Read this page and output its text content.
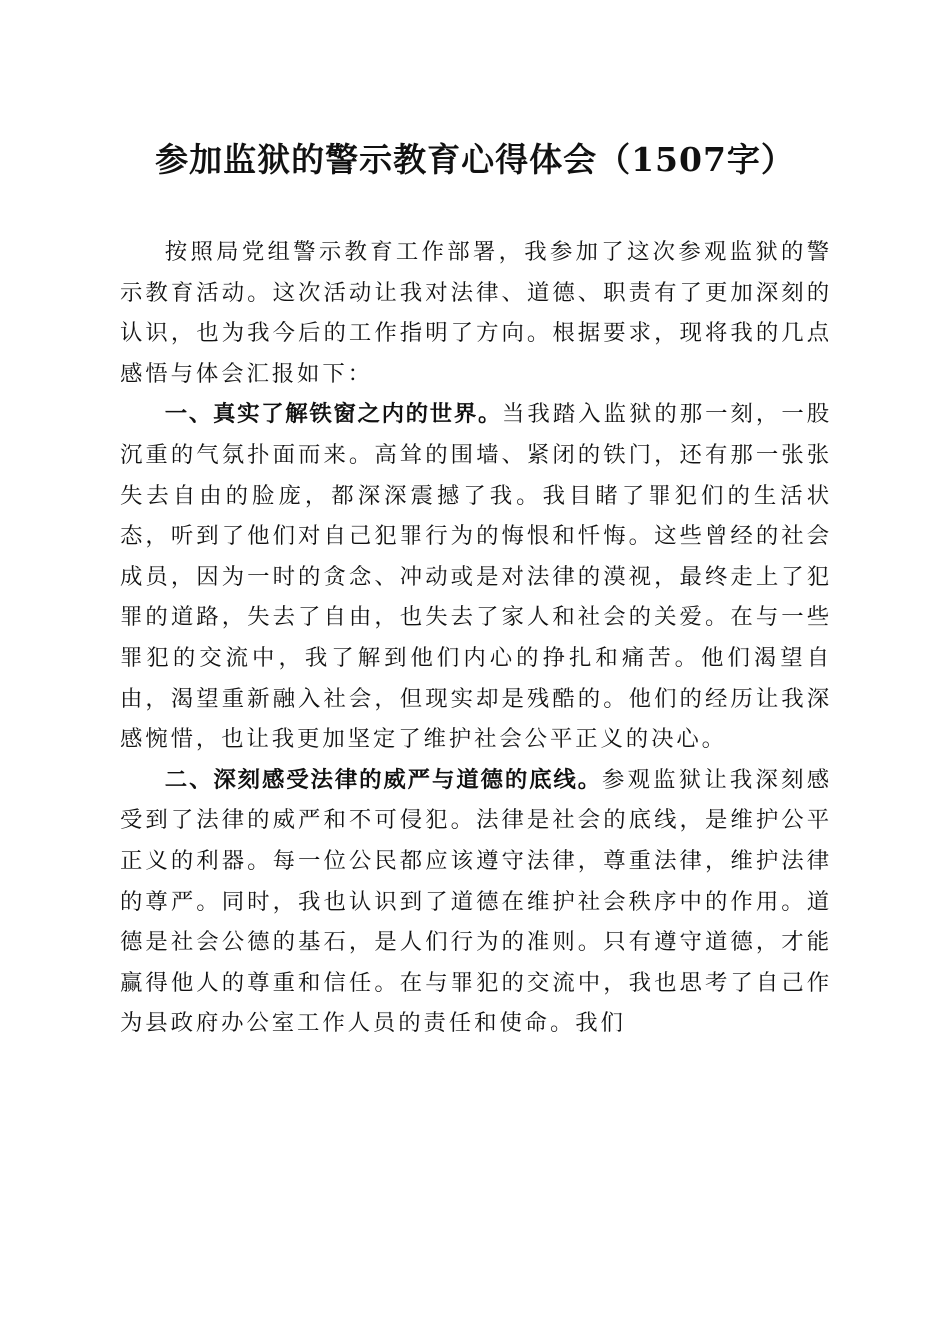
参加监狱的警示教育心得体会（1507字）

按照局党组警示教育工作部署，我参加了这次参观监狱的警示教育活动。这次活动让我对法律、道德、职责有了更加深刻的认识，也为我今后的工作指明了方向。根据要求，现将我的几点感悟与体会汇报如下：

一、真实了解铁窗之内的世界。当我踏入监狱的那一刻，一股沉重的气氛扑面而来。高耸的围墙、紧闭的铁门，还有那一张张失去自由的脸庞，都深深震撼了我。我目睹了罪犯们的生活状态，听到了他们对自己犯罪行为的悔恨和忏悔。这些曾经的社会成员，因为一时的贪念、冲动或是对法律的漠视，最终走上了犯罪的道路，失去了自由，也失去了家人和社会的关爱。在与一些罪犯的交流中，我了解到他们内心的挣扎和痛苦。他们渴望自由，渴望重新融入社会，但现实却是残酷的。他们的经历让我深感惋惜，也让我更加坚定了维护社会公平正义的决心。

二、深刻感受法律的威严与道德的底线。参观监狱让我深刻感受到了法律的威严和不可侵犯。法律是社会的底线，是维护公平正义的利器。每一位公民都应该遵守法律，尊重法律，维护法律的尊严。同时，我也认识到了道德在维护社会秩序中的作用。道德是社会公德的基石，是人们行为的准则。只有遵守道德，才能赢得他人的尊重和信任。在与罪犯的交流中，我也思考了自己作为县政府办公室工作人员的责任和使命。我们
